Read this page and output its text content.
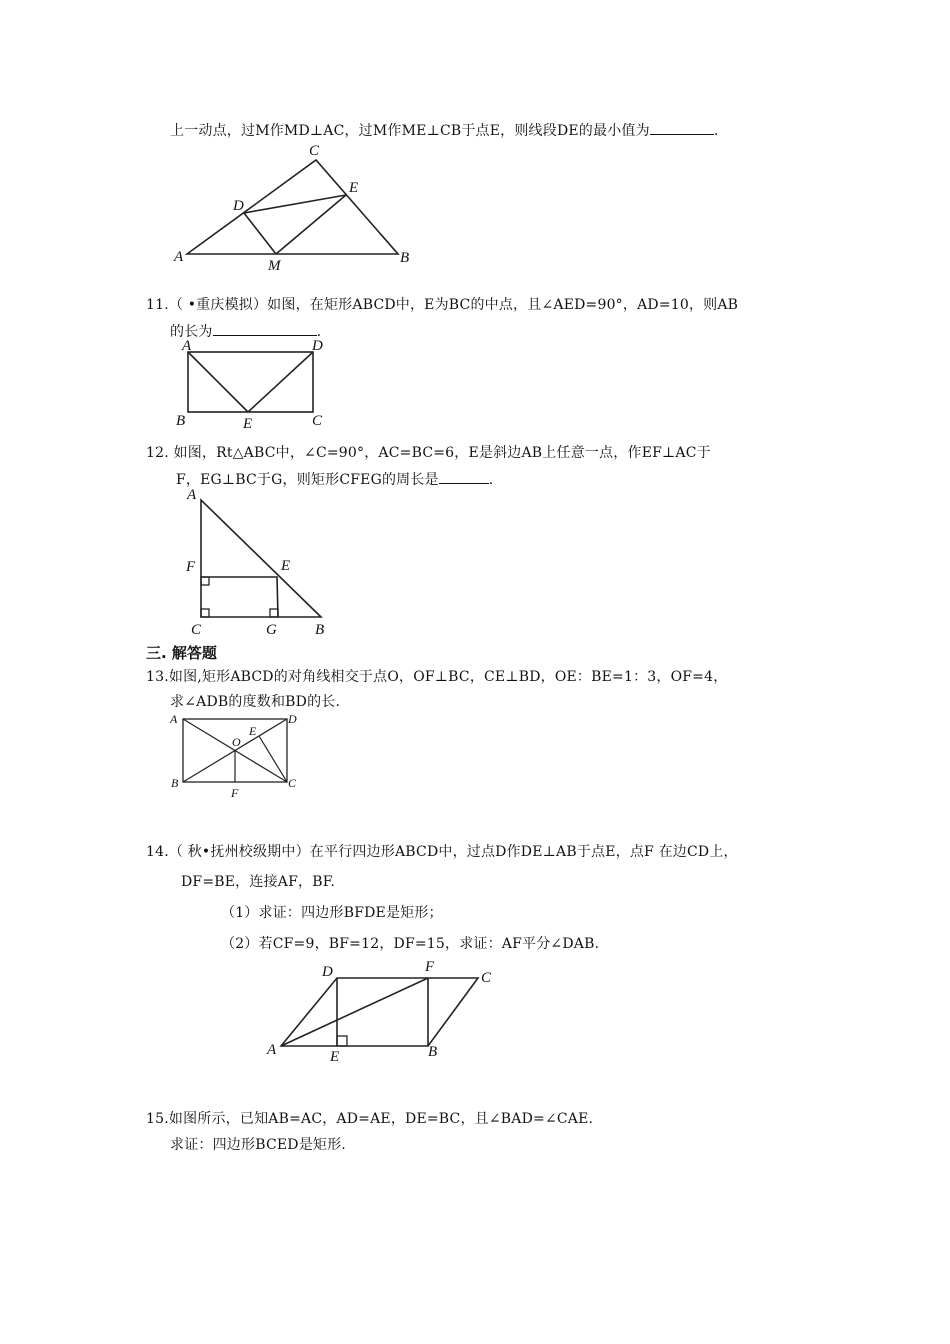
上一动点，过M作MD⊥AC，过M作ME⊥CB于点E，则线段DE的最小值为	.
C
E
D
A
M	B
11.（ •重庆模拟）如图，在矩形ABCD中，E为BC的中点，且∠AED=90°，AD=10，则AB
的长为	.
A	D
B	E	C
12. 如图，Rt△ABC中，∠C=90°，AC=BC=6，E是斜边AB上任意一点，作EF⊥AC于
F，EG⊥BC于G，则矩形CFEG的周长是	.
A
F	E
C	G	B
三. 解答题
13.如图,矩形ABCD的对角线相交于点O，OF⊥BC，CE⊥BD，OE：BE=1：3，OF=4，
求∠ADB的度数和BD的长.
A	D
E
O
B
F
C
14.（ 秋•抚州校级期中）在平行四边形ABCD中，过点D作DE⊥AB于点E，点F 在边CD上，
DF=BE，连接AF，BF.
（1）求证：四边形BFDE是矩形；
（2）若CF=9，BF=12，DF=15，求证：AF平分∠DAB.
D	F
C
A	E	B
15.如图所示，已知AB=AC，AD=AE，DE=BC，且∠BAD=∠CAE.
求证：四边形BCED是矩形.
